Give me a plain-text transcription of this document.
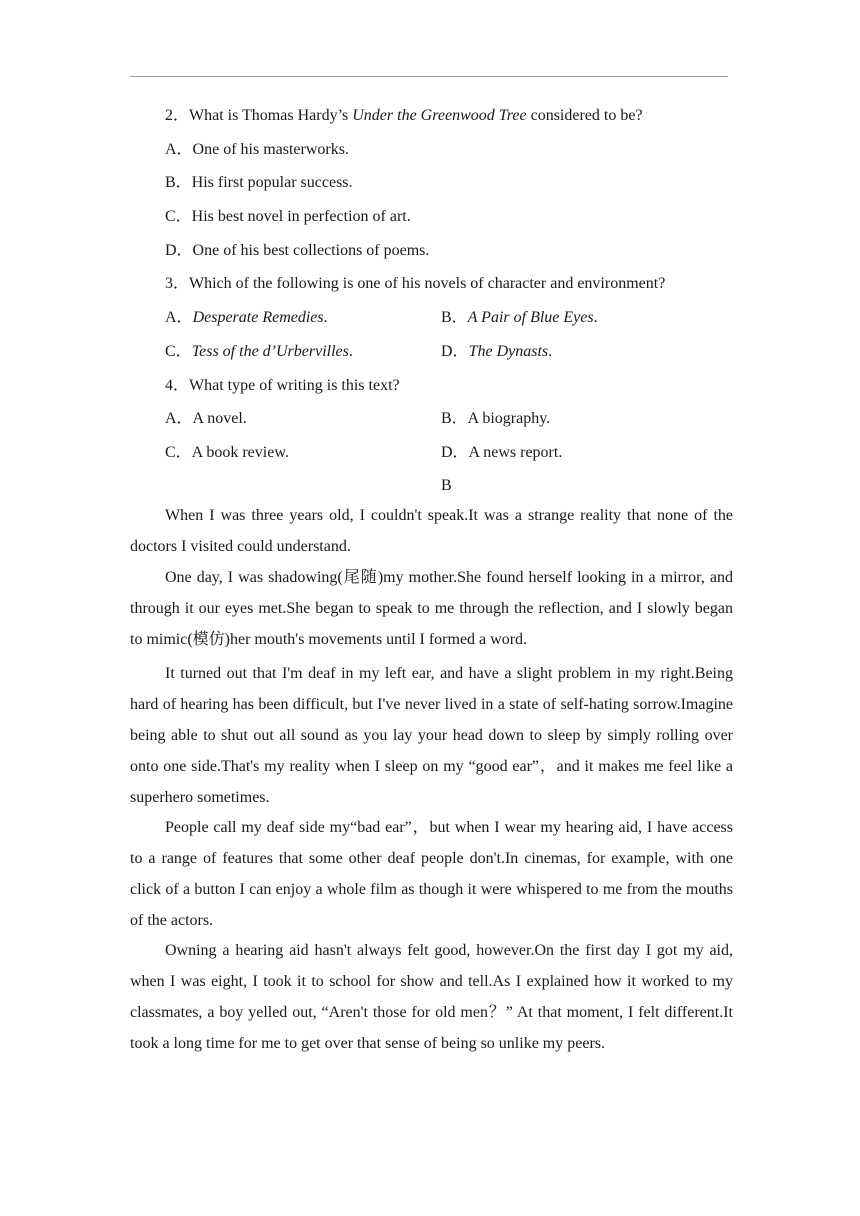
2．What is Thomas Hardy’s Under the Greenwood Tree considered to be?
A．One of his masterworks.
B．His first popular success.
C．His best novel in perfection of art.
D．One of his best collections of poems.
3．Which of the following is one of his novels of character and environment?
A．Desperate Remedies.	B．A Pair of Blue Eyes.
C．Tess of the d’Urbervilles.	D．The Dynasts.
4．What type of writing is this text?
A．A novel.	B．A biography.
C．A book review.	D．A news report.
B

When I was three years old, I couldn't speak.It was a strange reality that none of the doctors I visited could understand.

One day, I was shadowing(尾随)my mother.She found herself looking in a mirror, and through it our eyes met.She began to speak to me through the reflection, and I slowly began to mimic(模仿)her mouth's movements until I formed a word.

It turned out that I'm deaf in my left ear, and have a slight problem in my right.Being hard of hearing has been difficult, but I've never lived in a state of self-hating sorrow.Imagine being able to shut out all sound as you lay your head down to sleep by simply rolling over onto one side.That's my reality when I sleep on my “good ear”，and it makes me feel like a superhero sometimes.

People call my deaf side my“bad ear”，but when I wear my hearing aid, I have access to a range of features that some other deaf people don't.In cinemas, for example, with one click of a button I can enjoy a whole film as though it were whispered to me from the mouths of the actors.

Owning a hearing aid hasn't always felt good, however.On the first day I got my aid, when I was eight, I took it to school for show and tell.As I explained how it worked to my classmates, a boy yelled out, “Aren't those for old men？” At that moment, I felt different.It took a long time for me to get over that sense of being so unlike my peers.
